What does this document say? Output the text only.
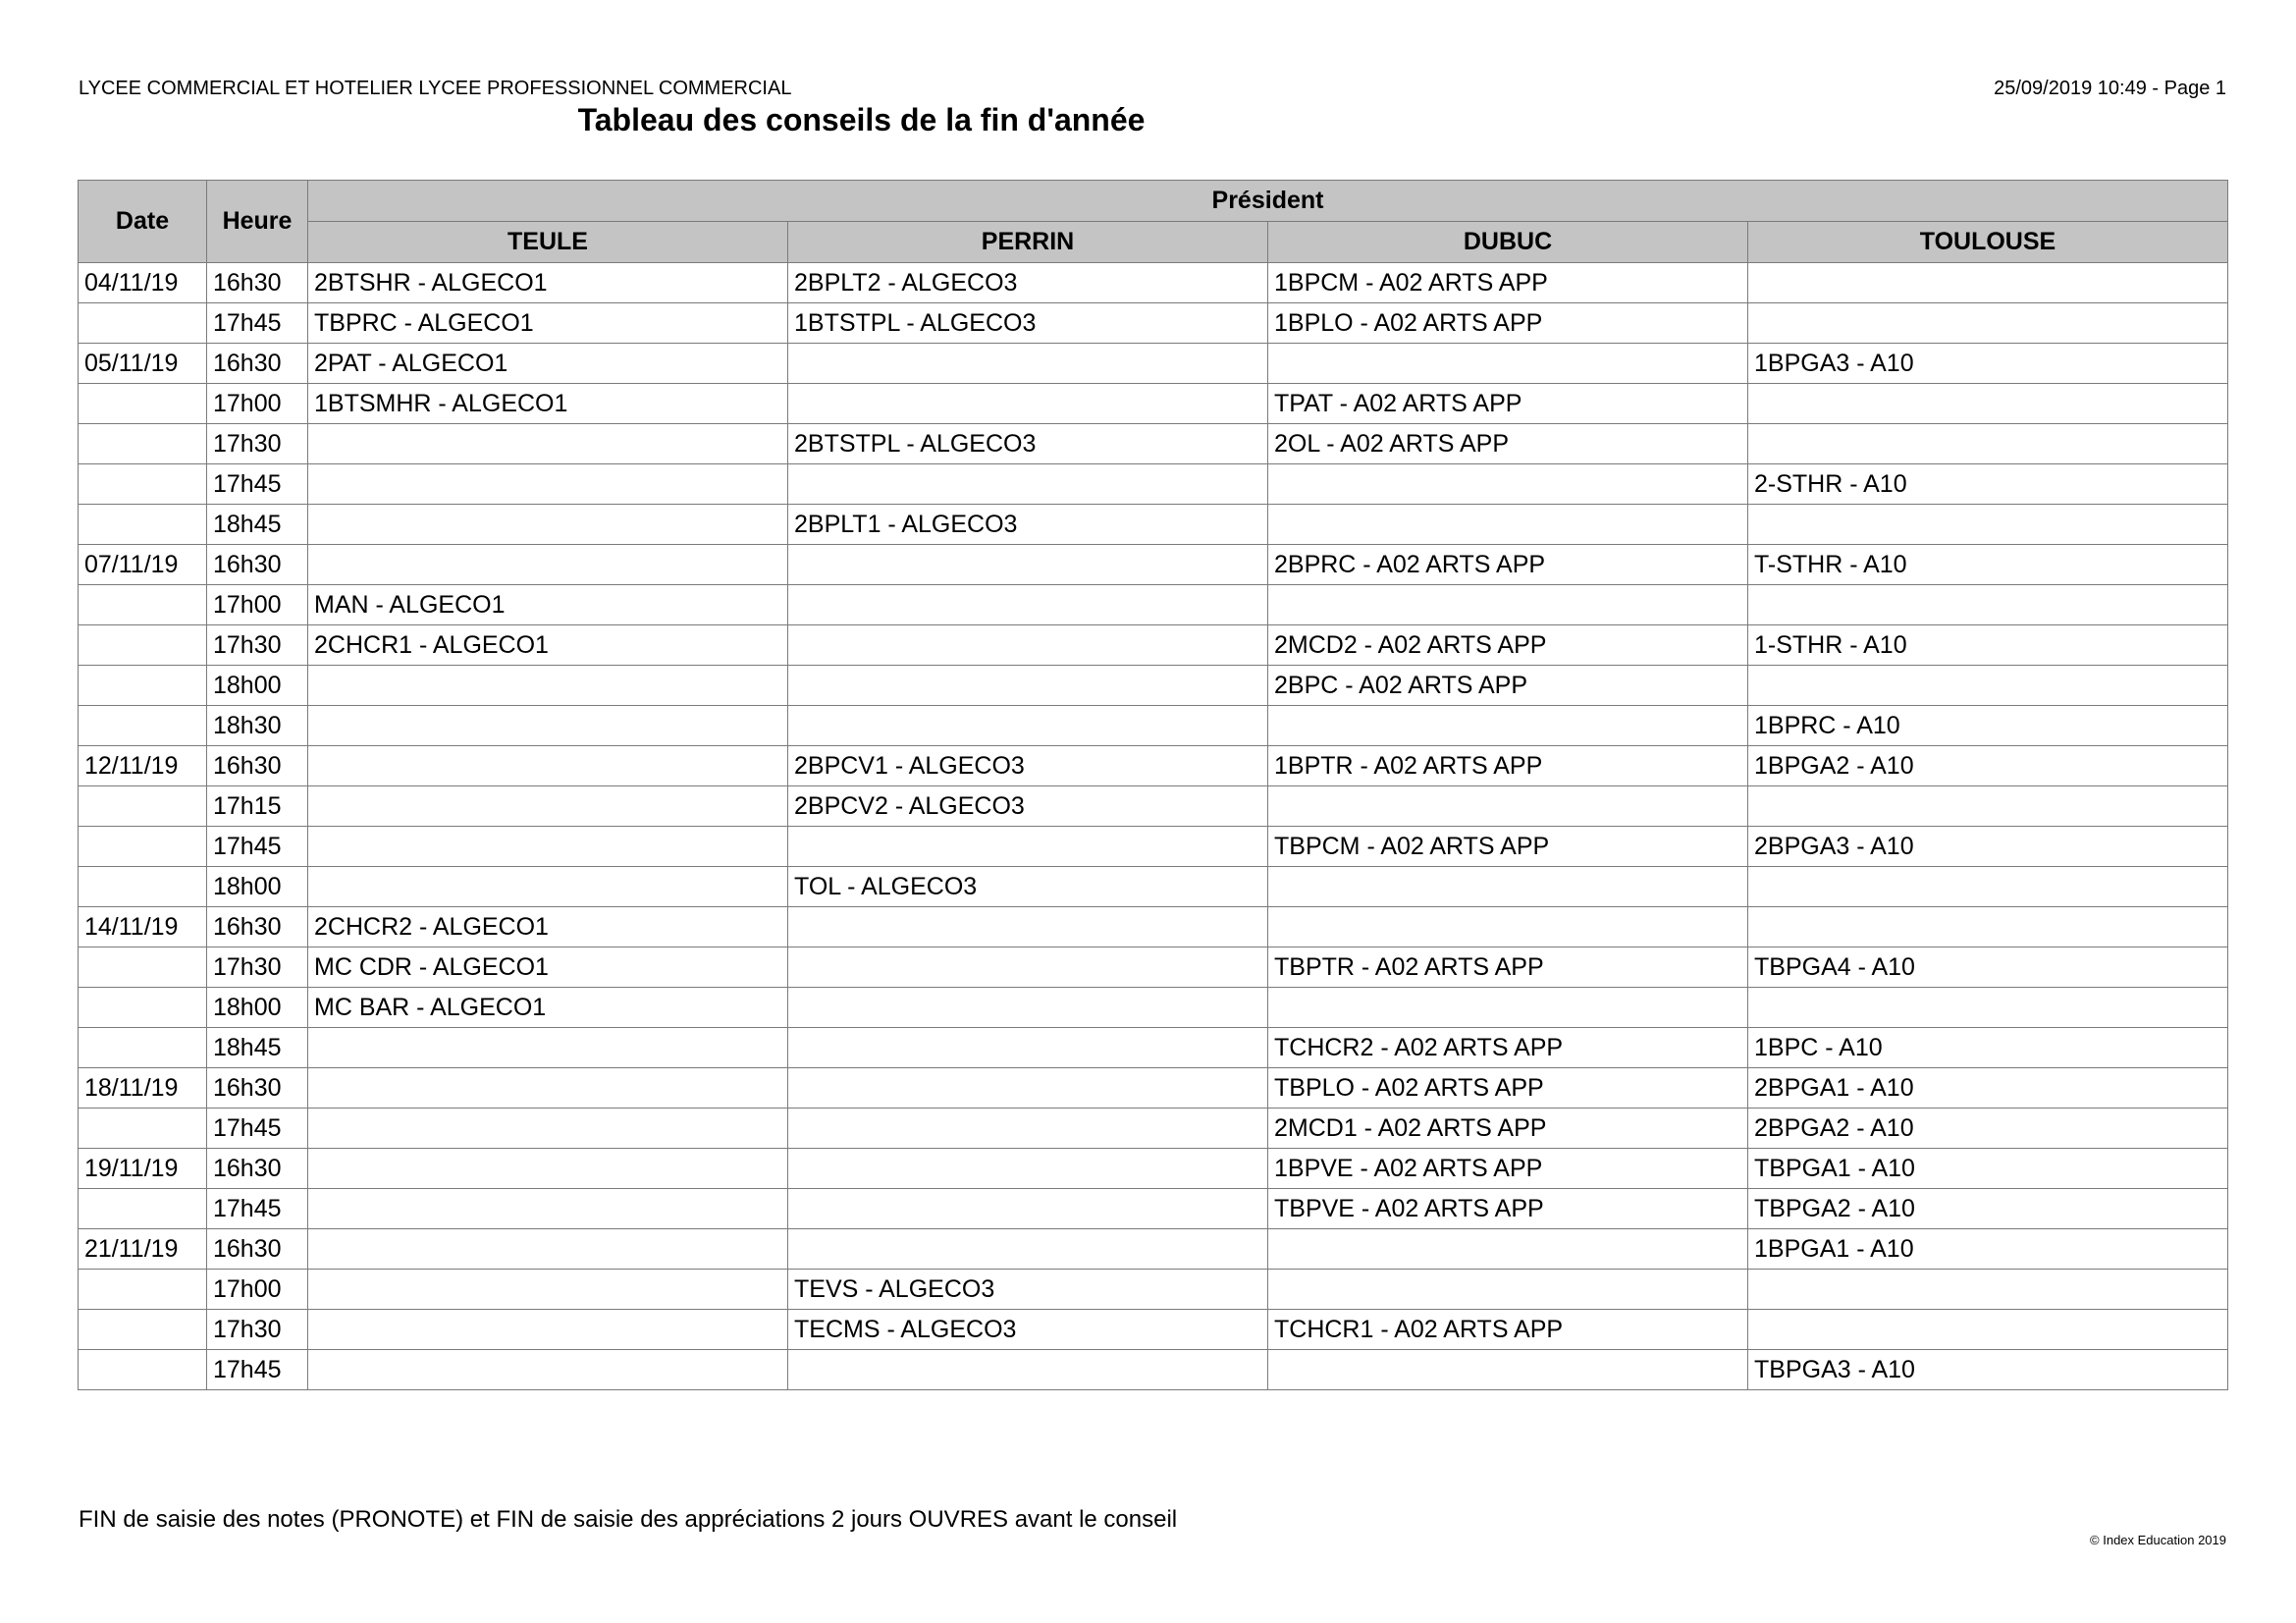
LYCEE COMMERCIAL ET HOTELIER LYCEE PROFESSIONNEL COMMERCIAL	25/09/2019 10:49 - Page 1
Tableau des conseils de la fin d'année
Date	Heure	Président			
		TEULE	PERRIN	DUBUC	TOULOUSE
04/11/19	16h30	2BTSHR - ALGECO1	2BPLT2 - ALGECO3	1BPCM - A02 ARTS APP	
	17h45	TBPRC - ALGECO1	1BTSTPL - ALGECO3	1BPLO - A02 ARTS APP	
05/11/19	16h30	2PAT - ALGECO1			1BPGA3 - A10
	17h00	1BTSMHR - ALGECO1		TPAT - A02 ARTS APP	
	17h30		2BTSTPL - ALGECO3	2OL - A02 ARTS APP	
	17h45				2-STHR - A10
	18h45		2BPLT1 - ALGECO3		
07/11/19	16h30			2BPRC - A02 ARTS APP	T-STHR - A10
	17h00	MAN - ALGECO1			
	17h30	2CHCR1 - ALGECO1		2MCD2 - A02 ARTS APP	1-STHR - A10
	18h00			2BPC - A02 ARTS APP	
	18h30				1BPRC - A10
12/11/19	16h30		2BPCV1 - ALGECO3	1BPTR - A02 ARTS APP	1BPGA2 - A10
	17h15		2BPCV2 - ALGECO3		
	17h45			TBPCM - A02 ARTS APP	2BPGA3 - A10
	18h00		TOL - ALGECO3		
14/11/19	16h30	2CHCR2 - ALGECO1			
	17h30	MC CDR - ALGECO1		TBPTR - A02 ARTS APP	TBPGA4 - A10
	18h00	MC BAR - ALGECO1			
	18h45			TCHCR2 - A02 ARTS APP	1BPC - A10
18/11/19	16h30			TBPLO - A02 ARTS APP	2BPGA1 - A10
	17h45			2MCD1 - A02 ARTS APP	2BPGA2 - A10
19/11/19	16h30			1BPVE - A02 ARTS APP	TBPGA1 - A10
	17h45			TBPVE - A02 ARTS APP	TBPGA2 - A10
21/11/19	16h30				1BPGA1 - A10
	17h00		TEVS - ALGECO3		
	17h30		TECMS - ALGECO3	TCHCR1 - A02 ARTS APP	
	17h45				TBPGA3 - A10
FIN de saisie des notes (PRONOTE) et FIN de saisie des appréciations 2 jours OUVRES avant le conseil
© Index Education 2019
